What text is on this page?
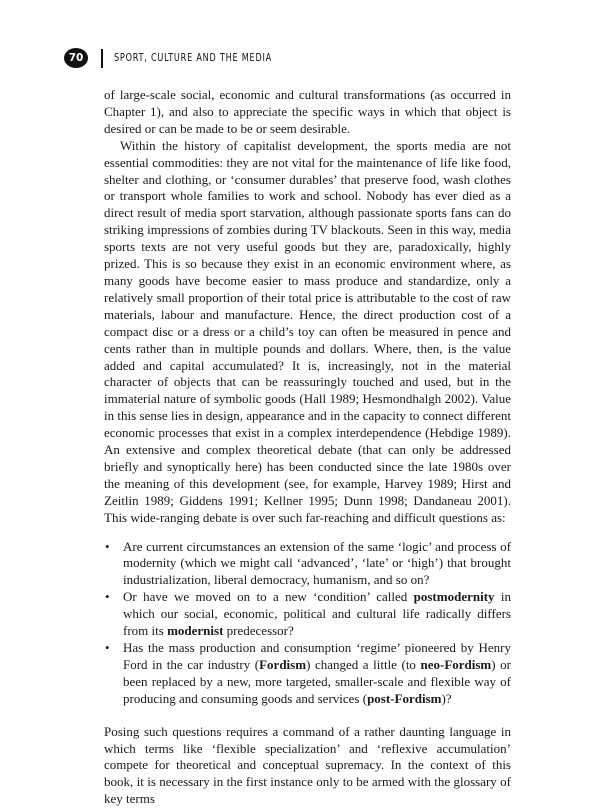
70	SPORT, CULTURE AND THE MEDIA

of large-scale social, economic and cultural transformations (as occurred in Chapter 1), and also to appreciate the specific ways in which that object is desired or can be made to be or seem desirable.

Within the history of capitalist development, the sports media are not essential commodities: they are not vital for the maintenance of life like food, shelter and clothing, or ‘consumer durables’ that preserve food, wash clothes or transport whole families to work and school. Nobody has ever died as a direct result of media sport starvation, although passionate sports fans can do striking impressions of zombies during TV blackouts. Seen in this way, media sports texts are not very useful goods but they are, paradoxically, highly prized. This is so because they exist in an economic environment where, as many goods have become easier to mass produce and standardize, only a relatively small proportion of their total price is attributable to the cost of raw materials, labour and manufacture. Hence, the direct production cost of a compact disc or a dress or a child’s toy can often be measured in pence and cents rather than in multiple pounds and dollars. Where, then, is the value added and capital accumulated? It is, increasingly, not in the material character of objects that can be reassuringly touched and used, but in the immaterial nature of symbolic goods (Hall 1989; Hesmondhalgh 2002). Value in this sense lies in design, appearance and in the capacity to connect different economic processes that exist in a complex interdependence (Hebdige 1989). An extensive and complex theoretical debate (that can only be addressed briefly and synoptically here) has been conducted since the late 1980s over the meaning of this development (see, for example, Harvey 1989; Hirst and Zeitlin 1989; Giddens 1991; Kellner 1995; Dunn 1998; Dandaneau 2001). This wide-ranging debate is over such far-reaching and difficult questions as:

•	Are current circumstances an extension of the same ‘logic’ and process of modernity (which we might call ‘advanced’, ‘late’ or ‘high’) that brought industrialization, liberal democracy, humanism, and so on?
•	Or have we moved on to a new ‘condition’ called postmodernity in which our social, economic, political and cultural life radically differs from its modernist predecessor?
•	Has the mass production and consumption ‘regime’ pioneered by Henry Ford in the car industry (Fordism) changed a little (to neo-Fordism) or been replaced by a new, more targeted, smaller-scale and flexible way of producing and consuming goods and services (post-Fordism)?

Posing such questions requires a command of a rather daunting language in which terms like ‘flexible specialization’ and ‘reflexive accumulation’ compete for theoretical and conceptual supremacy. In the context of this book, it is necessary in the first instance only to be armed with the glossary of key terms
